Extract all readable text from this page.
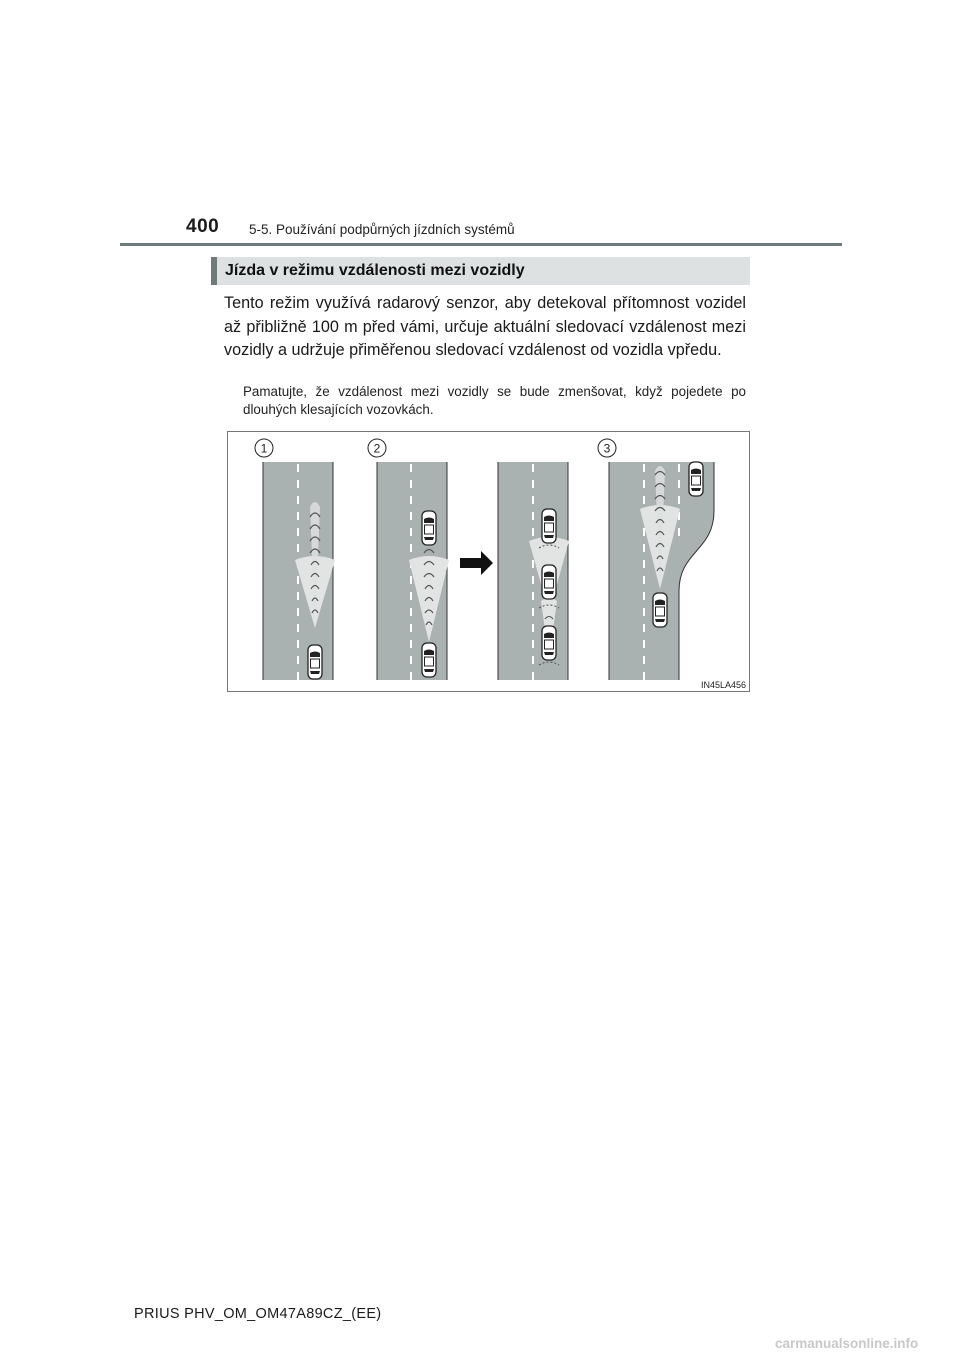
400 5-5. Používání podpůrných jízdních systémů
Jízda v režimu vzdálenosti mezi vozidly
Tento režim využívá radarový senzor, aby detekoval přítomnost vozidel až přibližně 100 m před vámi, určuje aktuální sledovací vzdálenost mezi vozidly a udržuje přiměřenou sledovací vzdálenost od vozidla vpředu.
Pamatujte, že vzdálenost mezi vozidly se bude zmenšovat, když pojedete po dlouhých klesajících vozovkách.
1	2	3
IN45LA456
PRIUS PHV_OM_OM47A89CZ_(EE)
carmanualsonline.info
